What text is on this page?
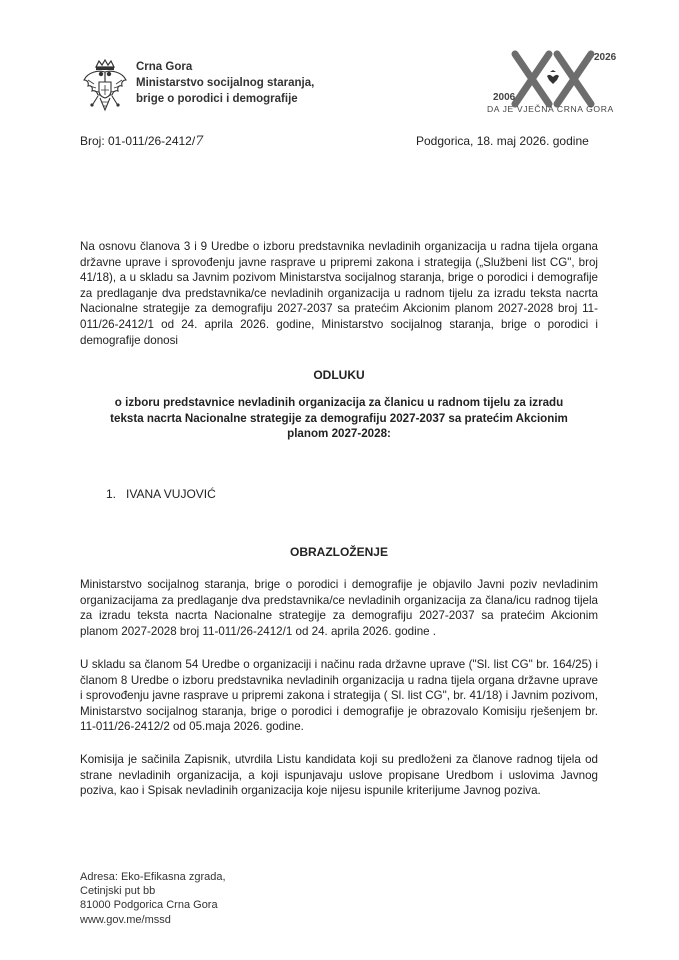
Crna Gora
Ministarstvo socijalnog staranja,
brige o porodici i demografije
2026
2006
DA JE VJEČNA CRNA GORA
Broj: 01-011/26-2412/7	Podgorica, 18. maj 2026. godine
Na osnovu članova 3 i 9 Uredbe o izboru predstavnika nevladinih organizacija u radna tijela organa državne uprave i sprovođenju javne rasprave u pripremi zakona i strategija („Službeni list CG", broj 41/18), a u skladu sa Javnim pozivom Ministarstva socijalnog staranja, brige o porodici i demografije za predlaganje dva predstavnika/ce nevladinih organizacija u radnom tijelu za izradu teksta nacrta Nacionalne strategije za demografiju 2027-2037 sa pratećim Akcionim planom 2027-2028 broj 11-011/26-2412/1 od 24. aprila 2026. godine, Ministarstvo socijalnog staranja, brige o porodici i demografije donosi
ODLUKU
o izboru predstavnice nevladinih organizacija za članicu u radnom tijelu za izradu teksta nacrta Nacionalne strategije za demografiju 2027-2037 sa pratećim Akcionim planom 2027-2028:
1. IVANA VUJOVIĆ
OBRAZLOŽENJE
Ministarstvo socijalnog staranja, brige o porodici i demografije je objavilo Javni poziv nevladinim organizacijama za predlaganje dva predstavnika/ce nevladinih organizacija za člana/icu radnog tijela za izradu teksta nacrta Nacionalne strategije za demografiju 2027-2037 sa pratećim Akcionim planom 2027-2028 broj 11-011/26-2412/1 od 24. aprila 2026. godine .
U skladu sa članom 54 Uredbe o organizaciji i načinu rada državne uprave ("Sl. list CG" br. 164/25) i članom 8 Uredbe o izboru predstavnika nevladinih organizacija u radna tijela organa državne uprave i sprovođenju javne rasprave u pripremi zakona i strategija ( Sl. list CG", br. 41/18) i Javnim pozivom, Ministarstvo socijalnog staranja, brige o porodici i demografije je obrazovalo Komisiju rješenjem br. 11-011/26-2412/2 od 05.maja 2026. godine.
Komisija je sačinila Zapisnik, utvrdila Listu kandidata koji su predloženi za članove radnog tijela od strane nevladinih organizacija, a koji ispunjavaju uslove propisane Uredbom i uslovima Javnog poziva, kao i Spisak nevladinih organizacija koje nijesu ispunile kriterijume Javnog poziva.
Adresa: Eko-Efikasna zgrada,
Cetinjski put bb
81000 Podgorica Crna Gora
www.gov.me/mssd
